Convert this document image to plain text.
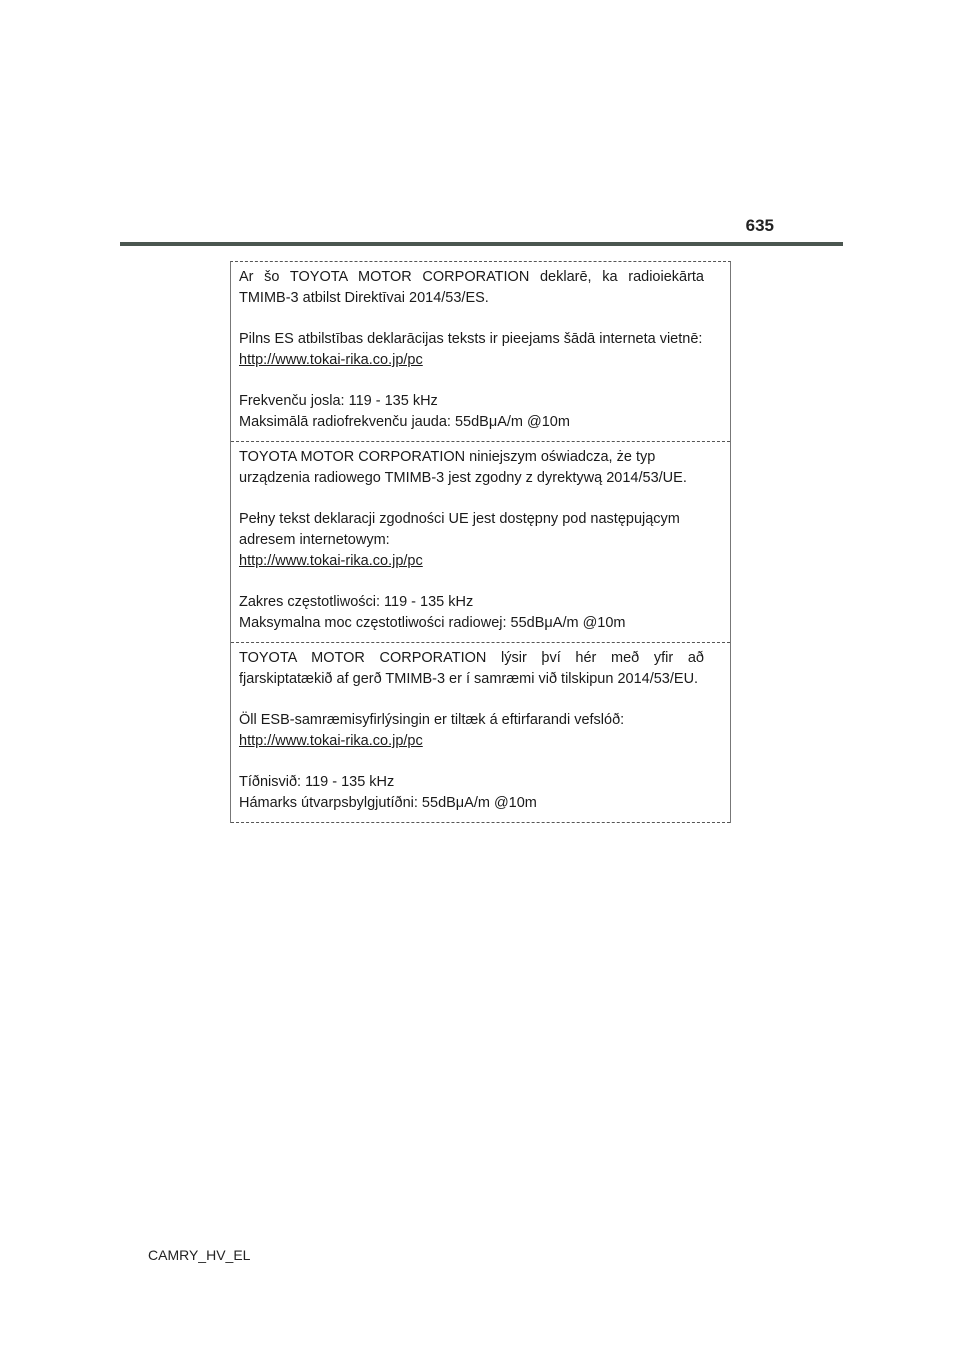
635

Ar šo TOYOTA MOTOR CORPORATION deklarē, ka radioiekārta TMIMB-3 atbilst Direktīvai 2014/53/ES.

Pilns ES atbilstības deklarācijas teksts ir pieejams šādā interneta vietnē:

http://www.tokai-rika.co.jp/pc

Frekvenču josla: 119 - 135 kHz

Maksimālā radiofrekvenču jauda: 55dBμA/m @10m

TOYOTA MOTOR CORPORATION niniejszym oświadcza, że typ

urządzenia radiowego TMIMB-3 jest zgodny z dyrektywą 2014/53/UE.

Pełny tekst deklaracji zgodności UE jest dostępny pod następującym

adresem internetowym:

http://www.tokai-rika.co.jp/pc

Zakres częstotliwości: 119 - 135 kHz

Maksymalna moc częstotliwości radiowej: 55dBμA/m @10m

TOYOTA MOTOR CORPORATION lýsir því hér með yfir að fjarskiptatækið af gerð TMIMB-3 er í samræmi við tilskipun 2014/53/EU.

Öll ESB-samræmisyfirlýsingin er tiltæk á eftirfarandi vefslóð:

http://www.tokai-rika.co.jp/pc

Tíðnisvið: 119 - 135 kHz

Hámarks útvarpsbylgjutíðni: 55dBμA/m @10m

CAMRY_HV_EL
